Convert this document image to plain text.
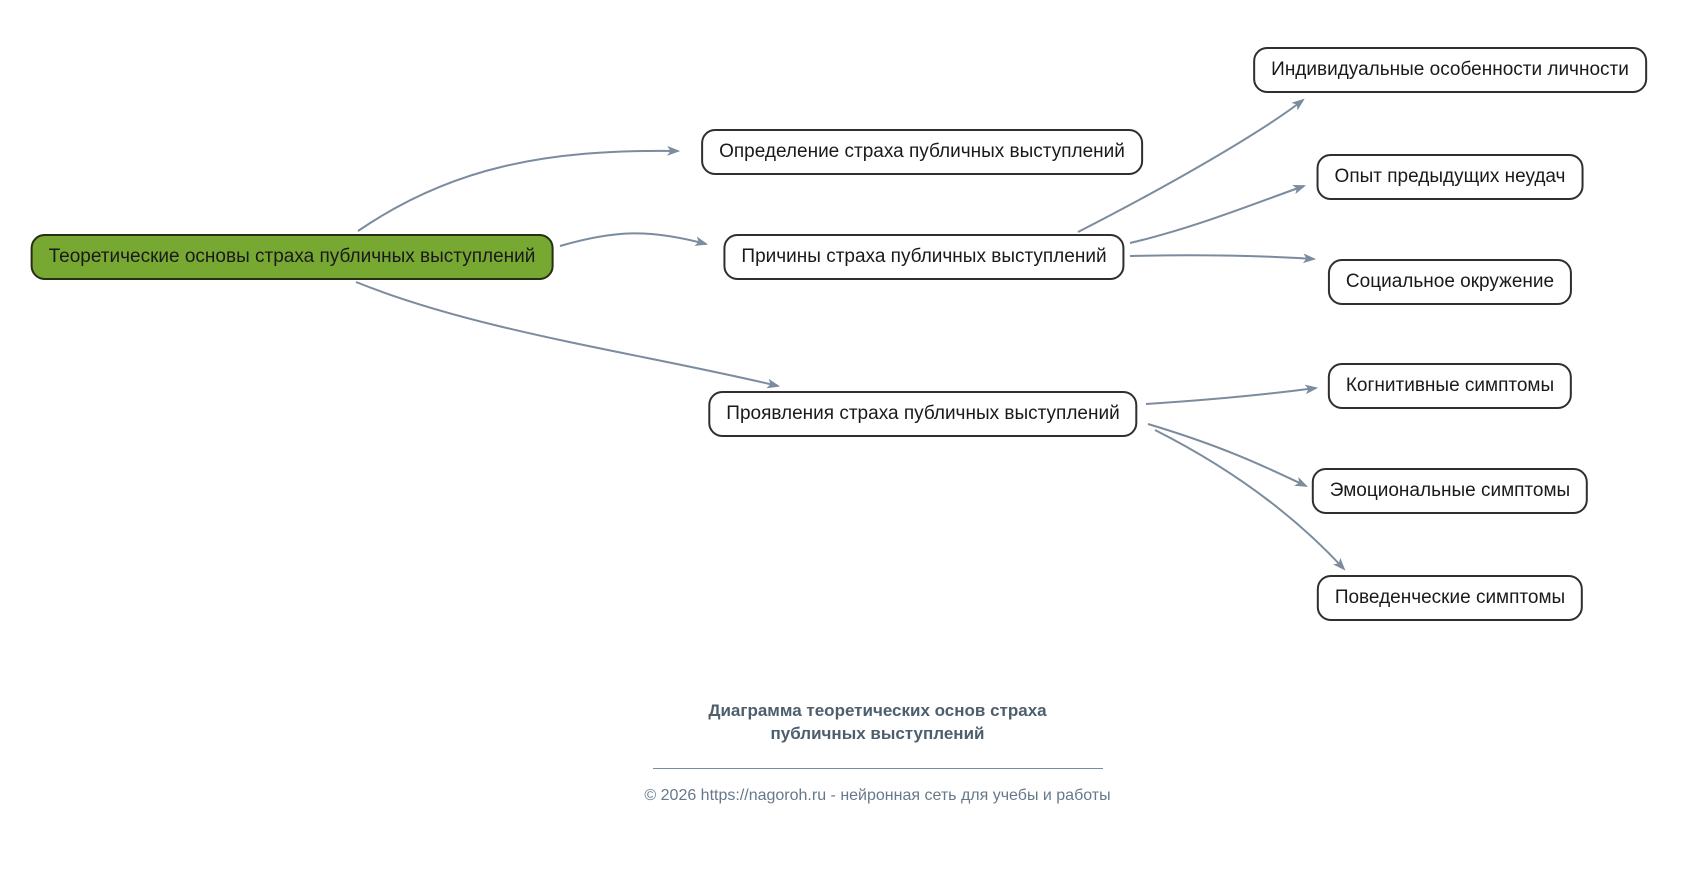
Теоретические основы страха публичных выступлений
Определение страха публичных выступлений
Причины страха публичных выступлений
Проявления страха публичных выступлений
Индивидуальные особенности личности
Опыт предыдущих неудач
Социальное окружение
Когнитивные симптомы
Эмоциональные симптомы
Поведенческие симптомы
Диаграмма теоретических основ страха публичных выступлений
© 2026 https://nagoroh.ru - нейронная сеть для учебы и работы
